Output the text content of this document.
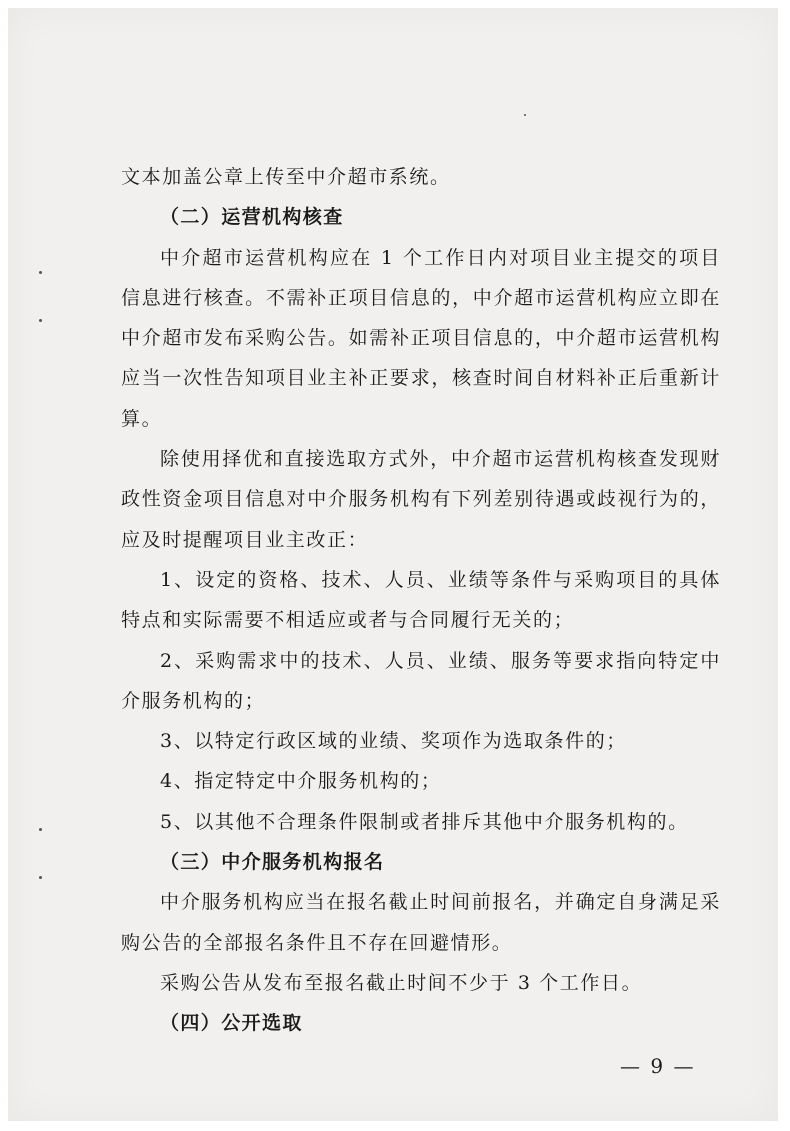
文本加盖公章上传至中介超市系统。

（二）运营机构核查

中介超市运营机构应在 1 个工作日内对项目业主提交的项目信息进行核查。不需补正项目信息的，中介超市运营机构应立即在中介超市发布采购公告。如需补正项目信息的，中介超市运营机构应当一次性告知项目业主补正要求，核查时间自材料补正后重新计算。

除使用择优和直接选取方式外，中介超市运营机构核查发现财政性资金项目信息对中介服务机构有下列差别待遇或歧视行为的，应及时提醒项目业主改正：

1、设定的资格、技术、人员、业绩等条件与采购项目的具体特点和实际需要不相适应或者与合同履行无关的；

2、采购需求中的技术、人员、业绩、服务等要求指向特定中介服务机构的；

3、以特定行政区域的业绩、奖项作为选取条件的；

4、指定特定中介服务机构的；

5、以其他不合理条件限制或者排斥其他中介服务机构的。

（三）中介服务机构报名

中介服务机构应当在报名截止时间前报名，并确定自身满足采购公告的全部报名条件且不存在回避情形。

采购公告从发布至报名截止时间不少于 3 个工作日。

（四）公开选取

— 9 —
